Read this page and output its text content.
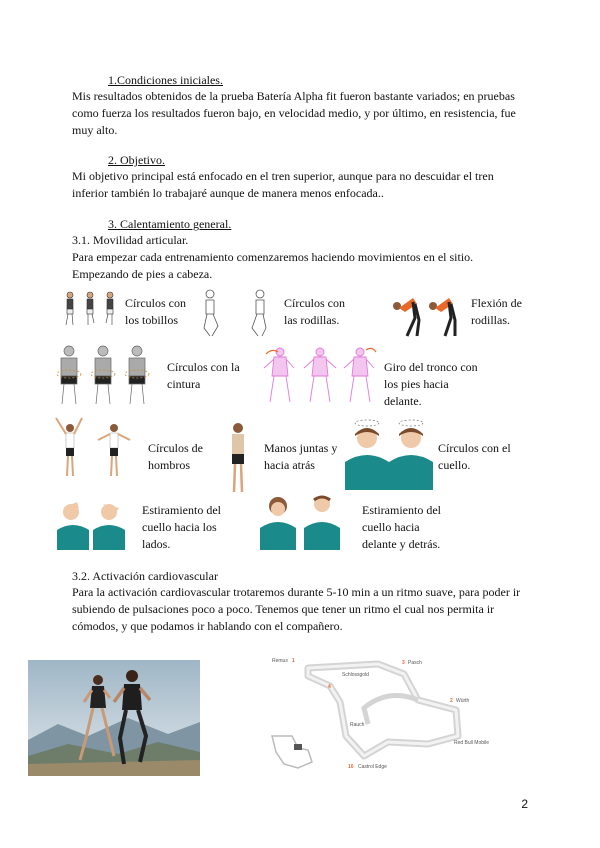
1.Condiciones iniciales.
Mis resultados obtenidos de la prueba Batería Alpha fit fueron bastante variados; en pruebas como fuerza los resultados fueron bajo, en velocidad medio, y por último, en resistencia, fue muy alto.
2. Objetivo.
Mi objetivo principal está enfocado en el tren superior, aunque para no descuidar el tren inferior también lo trabajaré aunque de manera menos enfocada..
3. Calentamiento general.
3.1. Movilidad articular.
Para empezar cada entrenamiento comenzaremos haciendo movimientos en el sitio. Empezando de pies a cabeza.
Círculos con los tobillos
Círculos con las rodillas.
Flexión de rodillas.
Círculos con la cintura
Giro del tronco con los pies hacia delante.
Círculos de hombros
Manos juntas y hacia atrás
Círculos con el cuello.
Estiramiento del cuello hacia los lados.
Estiramiento del cuello hacia delante y detrás.
3.2. Activación cardiovascular
Para la activación cardiovascular trotaremos durante 5-10 min a un ritmo suave, para poder ir subiendo de pulsaciones poco a poco. Tenemos que tener un ritmo el cual nos permita ir cómodos, y que podamos ir hablando con el compañero.
Remus	Pasch
Schlossgold
Rauch
Würth
Red Bull Mobile
Castrol Edge
1	3
4
2
10
2
